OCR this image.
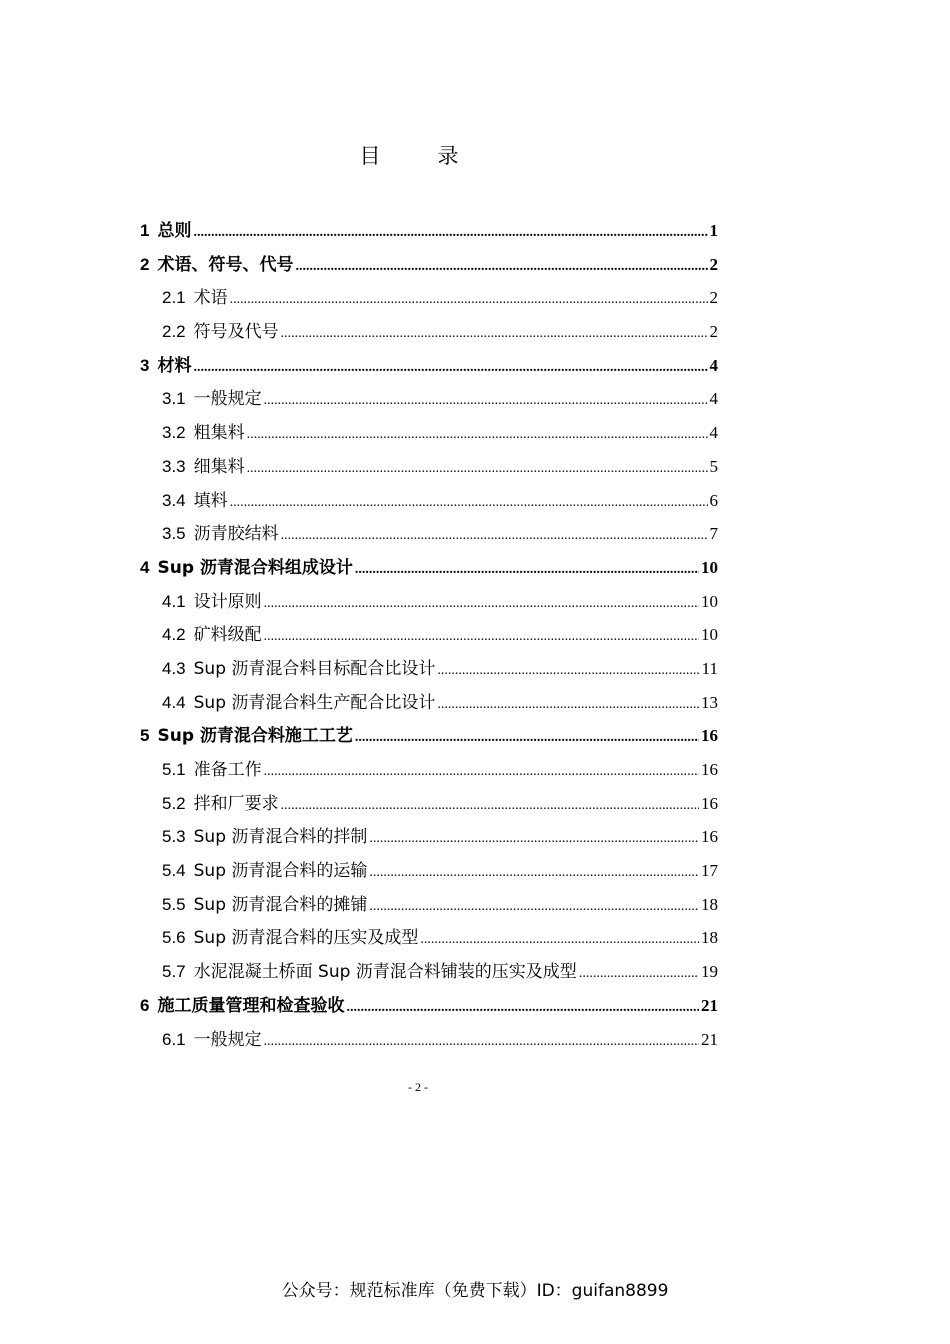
目　录
1 总则 .....	1
2 术语、符号、代号 .....	2
2.1 术语 .....	2
2.2 符号及代号 .....	2
3 材料 .....	4
3.1 一般规定 .....	4
3.2 粗集料 .....	4
3.3 细集料 .....	5
3.4 填料 .....	6
3.5 沥青胶结料 .....	7
4 Sup 沥青混合料组成设计 .....	10
4.1 设计原则 .....	10
4.2 矿料级配 .....	10
4.3 Sup 沥青混合料目标配合比设计 .....	11
4.4 Sup 沥青混合料生产配合比设计 .....	13
5 Sup 沥青混合料施工工艺 .....	16
5.1 准备工作 .....	16
5.2 拌和厂要求 .....	16
5.3 Sup 沥青混合料的拌制 .....	16
5.4 Sup 沥青混合料的运输 .....	17
5.5 Sup 沥青混合料的摊铺 .....	18
5.6 Sup 沥青混合料的压实及成型 .....	18
5.7 水泥混凝土桥面 Sup 沥青混合料铺装的压实及成型 .....	19
6 施工质量管理和检查验收 .....	21
6.1 一般规定 .....	21
- 2 -
公众号：规范标准库（免费下载）ID：guifan8899
